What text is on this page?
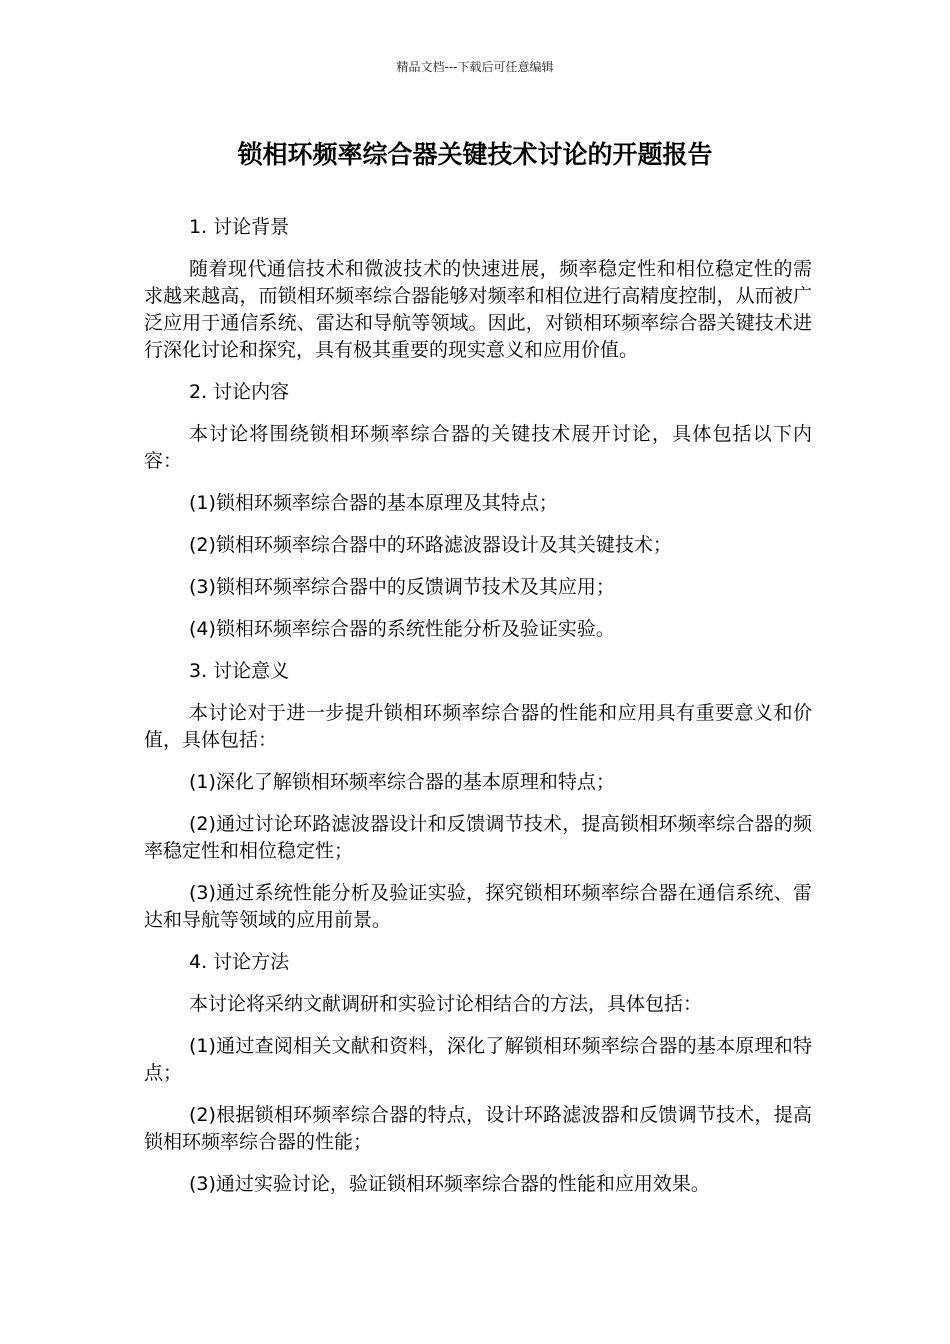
精品文档---下载后可任意编辑
锁相环频率综合器关键技术讨论的开题报告

1. 讨论背景

随着现代通信技术和微波技术的快速进展，频率稳定性和相位稳定性的需求越来越高，而锁相环频率综合器能够对频率和相位进行高精度控制，从而被广泛应用于通信系统、雷达和导航等领域。因此，对锁相环频率综合器关键技术进行深化讨论和探究，具有极其重要的现实意义和应用价值。

2. 讨论内容

本讨论将围绕锁相环频率综合器的关键技术展开讨论，具体包括以下内容：

(1)锁相环频率综合器的基本原理及其特点；

(2)锁相环频率综合器中的环路滤波器设计及其关键技术；

(3)锁相环频率综合器中的反馈调节技术及其应用；

(4)锁相环频率综合器的系统性能分析及验证实验。

3. 讨论意义

本讨论对于进一步提升锁相环频率综合器的性能和应用具有重要意义和价值，具体包括：

(1)深化了解锁相环频率综合器的基本原理和特点；

(2)通过讨论环路滤波器设计和反馈调节技术，提高锁相环频率综合器的频率稳定性和相位稳定性；

(3)通过系统性能分析及验证实验，探究锁相环频率综合器在通信系统、雷达和导航等领域的应用前景。

4. 讨论方法

本讨论将采纳文献调研和实验讨论相结合的方法，具体包括：

(1)通过查阅相关文献和资料，深化了解锁相环频率综合器的基本原理和特点；

(2)根据锁相环频率综合器的特点，设计环路滤波器和反馈调节技术，提高锁相环频率综合器的性能；

(3)通过实验讨论，验证锁相环频率综合器的性能和应用效果。
